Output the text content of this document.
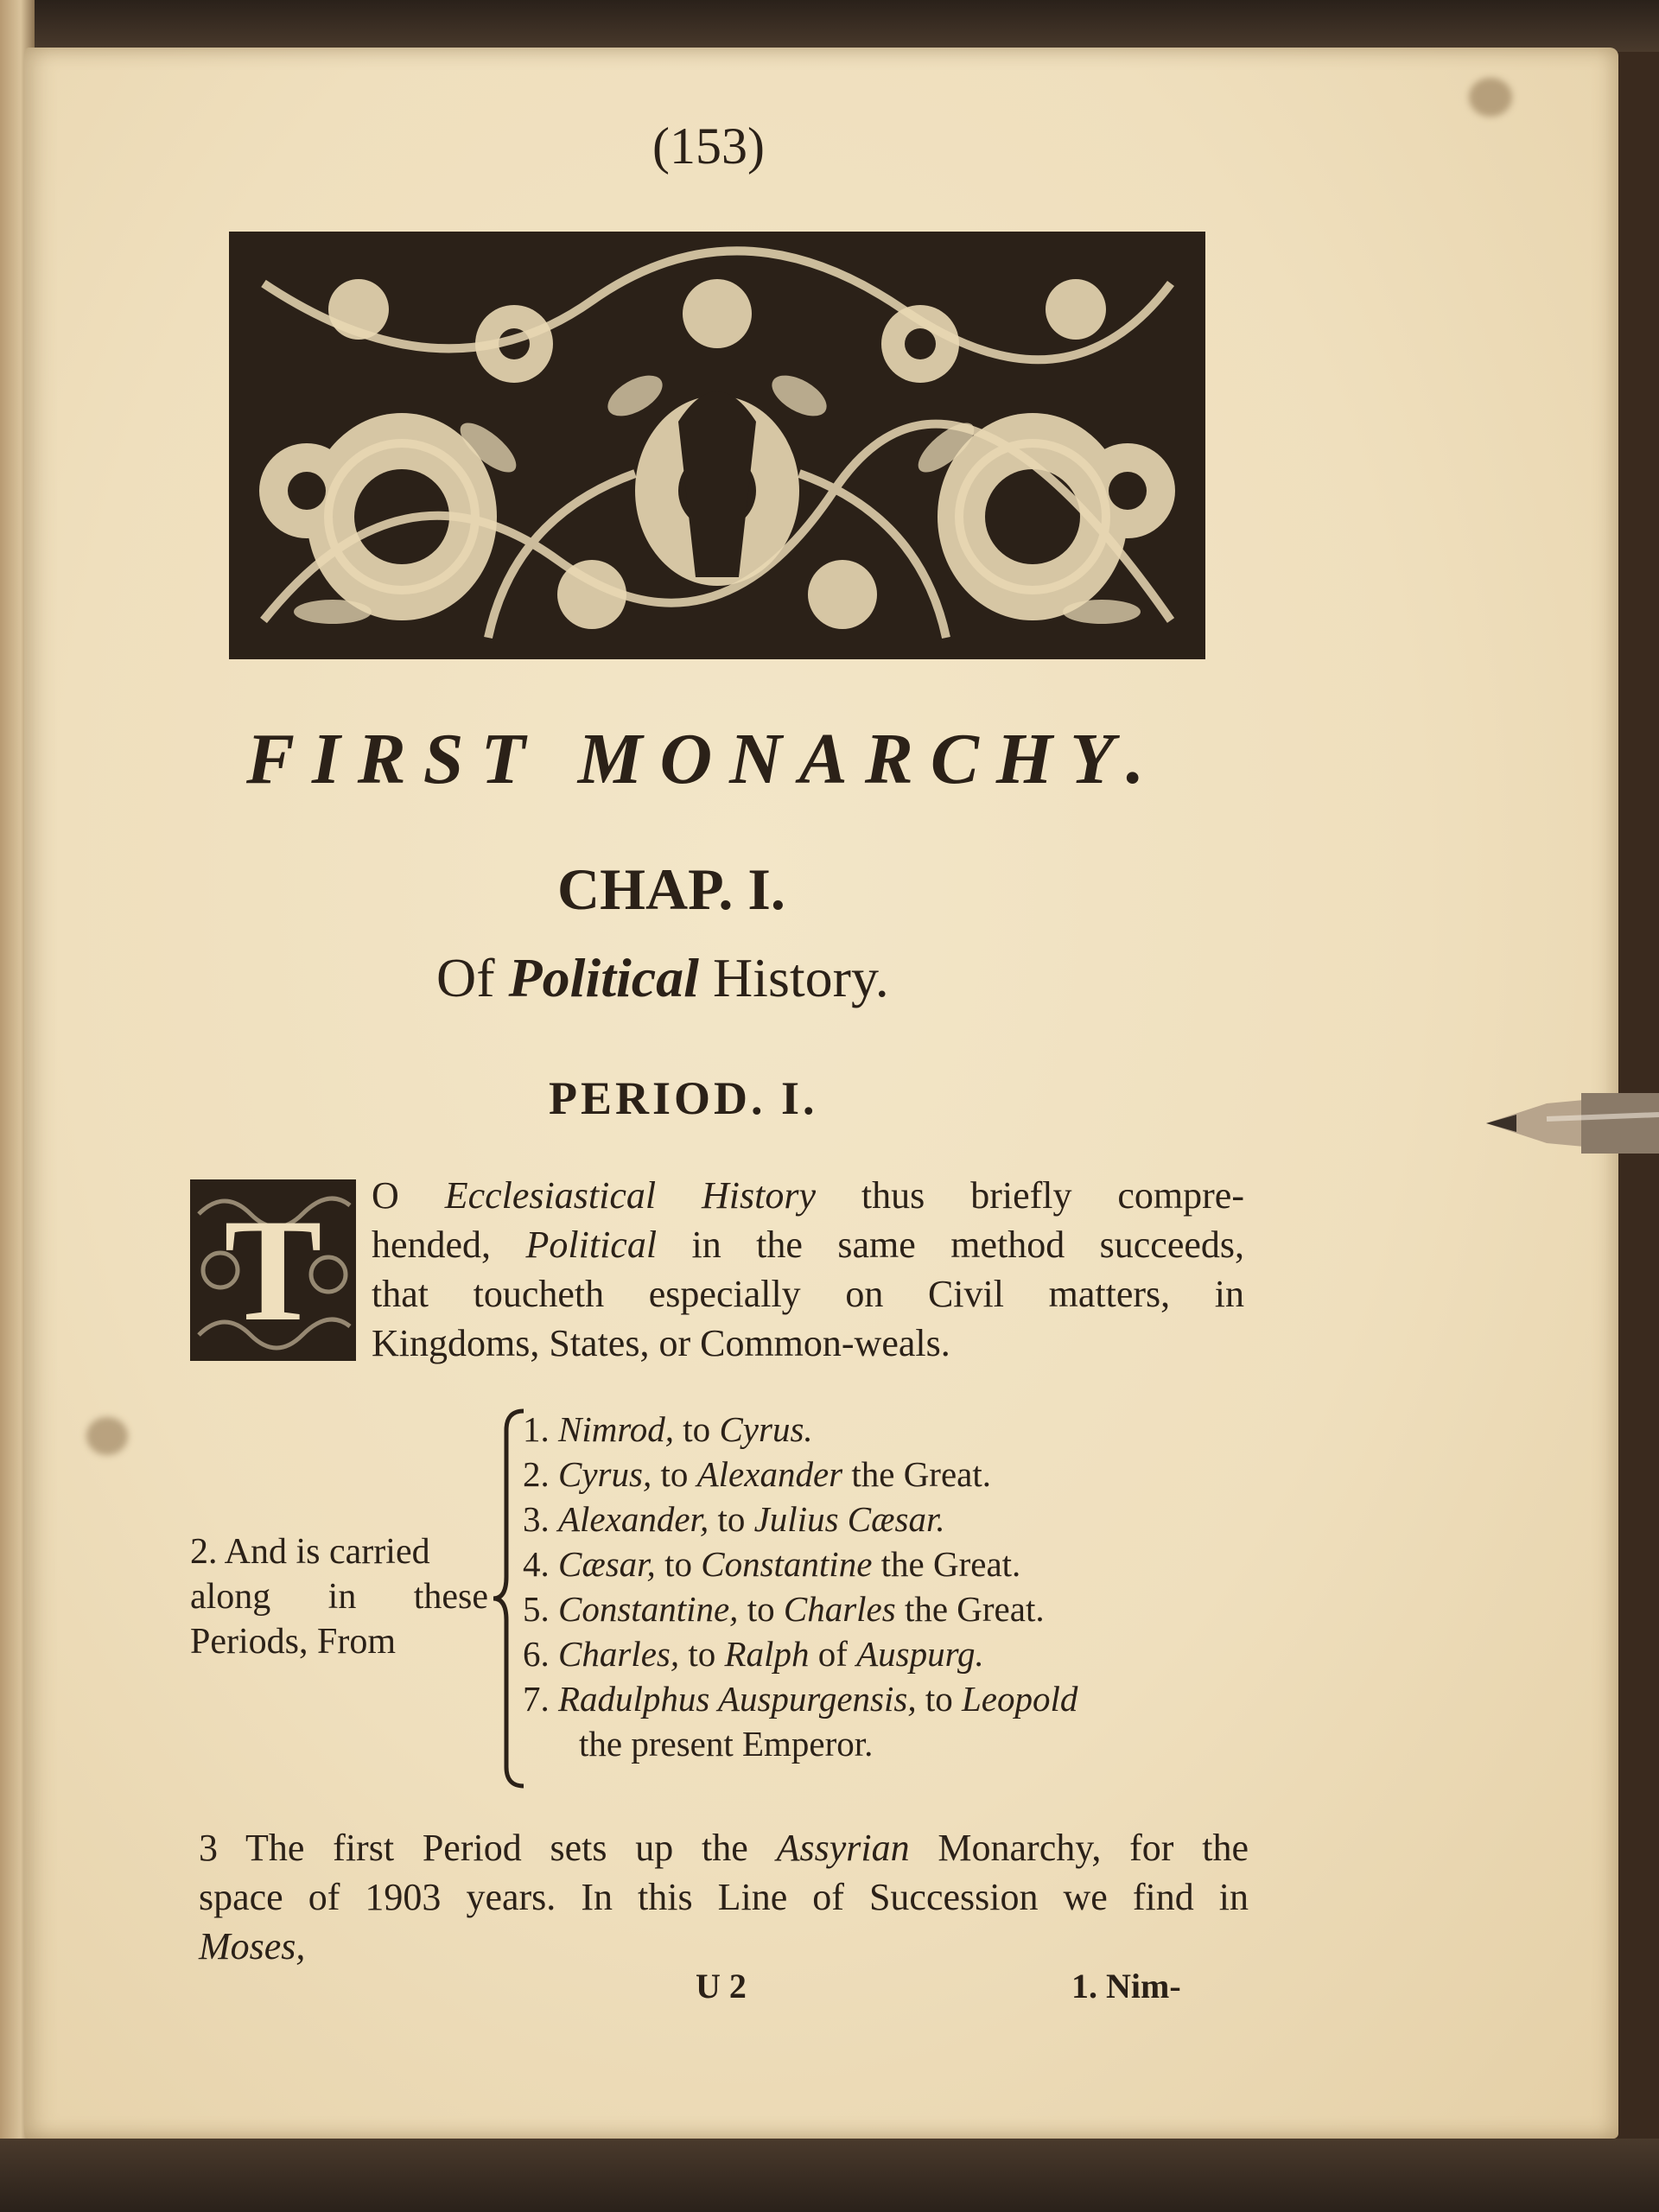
(153)
FIRST MONARCHY.
CHAP. I.
Of Political History.
PERIOD. I.
T	O Ecclesiastical History thus briefly compre-
hended, Political in the same method succeeds,
that toucheth especially on Civil matters, in
Kingdoms, States, or Common-weals.
2. And is carried
along in these
Periods, From
1. Nimrod, to Cyrus.
2. Cyrus, to Alexander the Great.
3. Alexander, to Julius Cæsar.
4. Cæsar, to Constantine the Great.
5. Constantine, to Charles the Great.
6. Charles, to Ralph of Auspurg.
7. Radulphus Auspurgensis, to Leopold
the present Emperor.
3 The first Period sets up the Assyrian Monarchy, for the
space of 1903 years. In this Line of Succession we find in
Moses,
U 2	1. Nim-
